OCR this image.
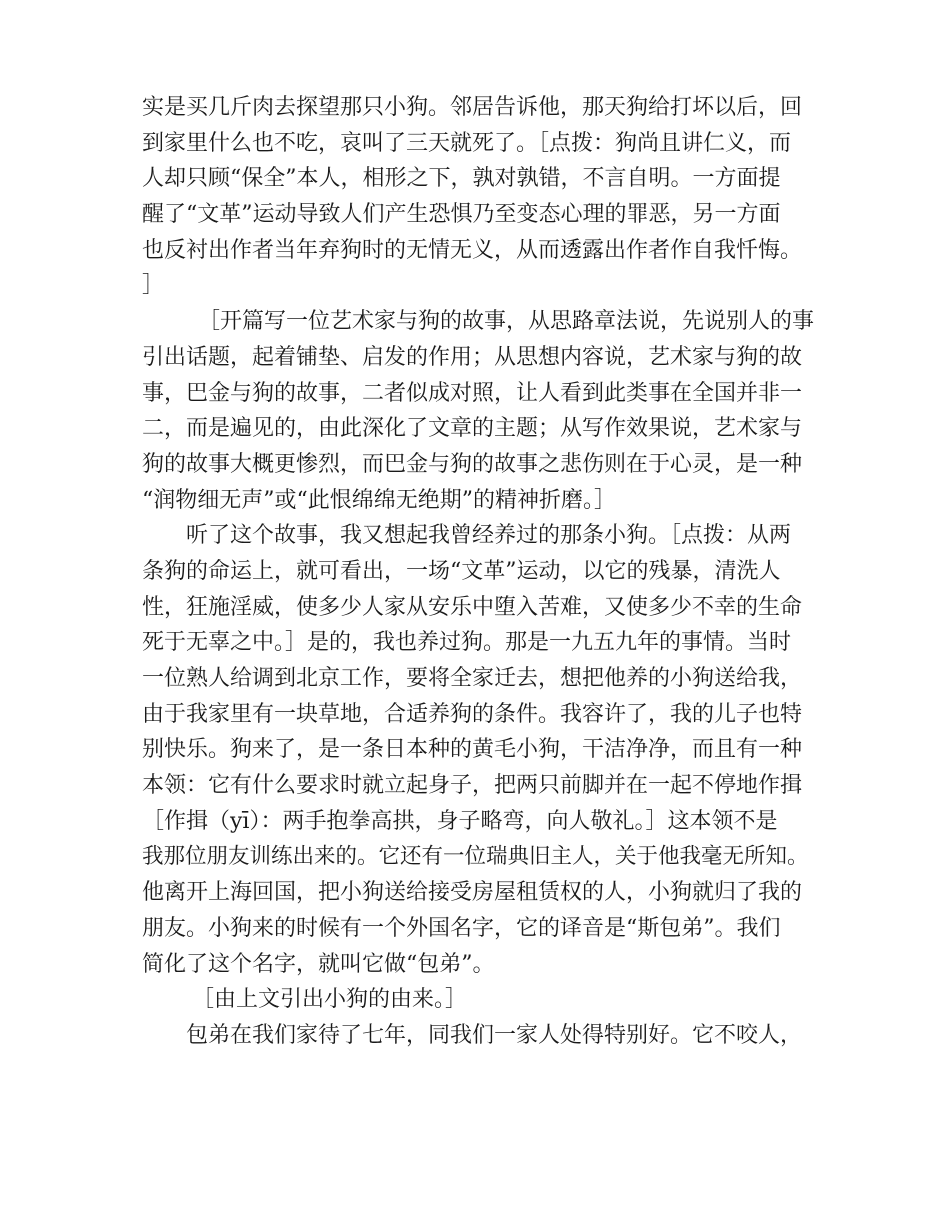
实是买几斤肉去探望那只小狗。邻居告诉他，那天狗给打坏以后，回
到家里什么也不吃，哀叫了三天就死了。［点拨：狗尚且讲仁义，而
人却只顾“保全”本人，相形之下，孰对孰错，不言自明。一方面提
醒了“文革”运动导致人们产生恐惧乃至变态心理的罪恶，另一方面
也反衬出作者当年弃狗时的无情无义，从而透露出作者作自我忏悔。
］
［开篇写一位艺术家与狗的故事，从思路章法说，先说别人的事
引出话题，起着铺垫、启发的作用；从思想内容说，艺术家与狗的故
事，巴金与狗的故事，二者似成对照，让人看到此类事在全国并非一
二，而是遍见的，由此深化了文章的主题；从写作效果说，艺术家与
狗的故事大概更惨烈，而巴金与狗的故事之悲伤则在于心灵，是一种
“润物细无声”或“此恨绵绵无绝期”的精神折磨。］
听了这个故事，我又想起我曾经养过的那条小狗。［点拨：从两
条狗的命运上，就可看出，一场“文革”运动，以它的残暴，清洗人
性，狂施淫威，使多少人家从安乐中堕入苦难，又使多少不幸的生命
死于无辜之中。］是的，我也养过狗。那是一九五九年的事情。当时
一位熟人给调到北京工作，要将全家迁去，想把他养的小狗送给我，
由于我家里有一块草地，合适养狗的条件。我容许了，我的儿子也特
别快乐。狗来了，是一条日本种的黄毛小狗，干洁净净，而且有一种
本领：它有什么要求时就立起身子，把两只前脚并在一起不停地作揖
［作揖（yī）：两手抱拳高拱，身子略弯，向人敬礼。］这本领不是
我那位朋友训练出来的。它还有一位瑞典旧主人，关于他我毫无所知。
他离开上海回国，把小狗送给接受房屋租赁权的人，小狗就归了我的
朋友。小狗来的时候有一个外国名字，它的译音是“斯包弟”。我们
简化了这个名字，就叫它做“包弟”。
［由上文引出小狗的由来。］
包弟在我们家待了七年，同我们一家人处得特别好。它不咬人，
